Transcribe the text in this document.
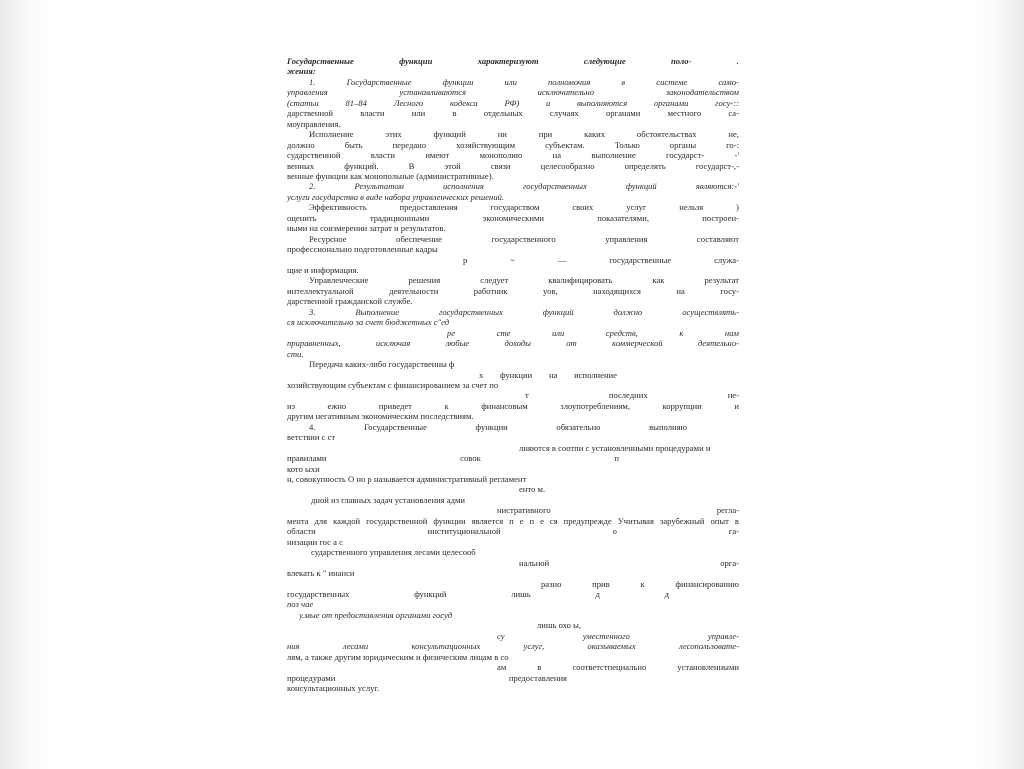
Государственные	функции	характеризуют	следующие	поло-	.
жения:
1.	Государственные	функции	или	полномочия	в	системе	само-
управления	устанавливаются	исключительно	законодательством
(статьи	81–84	Лесного	кодекса	РФ)	и	выполняются	органами	госу-::
дарственной	власти	или	в	отдельных	случаях	органами	местного	са-
моуправления.
Исполнение	этих	функций	ни	при	каких	обстоятельствах	не,
должно	быть	передано	хозяйствующим	субъектам.	Только	органы	го-:
сударственной	власти	имеют	монополию	на	выполнение	государст-	-'
венных	функций.	В	этой	связи	целесообразно	определять	государст-,-
венные функции как монопольные (административные).
2.	Результатом	исполнения	государственных	функций	являются:-'
услуги государства в виде набора управленческих решений.
Эффективность	предоставления	государством	своих	услуг	нельзя	)
оценить	традиционными	экономическими	показателями,	построен-
ными на соизмерении затрат и результатов.
Ресурсное	обеспечение	государственного	управления	составляют
профессионально подготовленные кадры
р	~	—	государственные	служа-
щие и информация.
Управленческие	решения	следует	квалифицировать	как	результат
интеллектуальной	деятельности	работник	уов,	находящихся	на	госу-
дарственной гражданской службе.
3.	Выполнение	государственных	функций	должно	осуществлять-
ся исключительно за счет бюджетных с"ед
ре	сте	или	средств,	к	ним
приравненных,	исключая	любые	доходы	от	коммерческой	деятельно-
сти.
Передача каких-либо государственны ф
х функции на исполнение
хозяйствующим субъектам с финансированием за счет по
т	последних	не-
из	ежно	приведет	к	финансовым	злоупотреблениям,	коррупции	и
другим негативным экономическим последствиям.
4.	Государственные	функции	обязательно	выполняю
ветствии с ст
лняются в соотпи с установленными процедурами и
правилами	совок	п
кото ыхи
н, совокупность О но р называется административный регламент
енто м.
дной из главных задач установления адми
нистративного	регла-
мента для каждой государственной функции является п е п е ся предупрежде Учитывая зарубежный опыт в
области	институциональной	о	га-
низации гос а с
сударственного управления лесами целесооб
нальной	орга-
влекать к " инанси
разно	прив	к	финансированию
государственных	функций	лишь	д	д
поз чае
у.мые от предоставления органами госуд
лишь охо ы,
су	уместенного	управле-
ния	лесами	консультационных	услуг,	оказываемых	лесопользовате-
лям, а также другим юридическим и физическим лицам в со
ам	в	соответстпециально	установленными
процедурами	предоставления
консультационных услуг.
